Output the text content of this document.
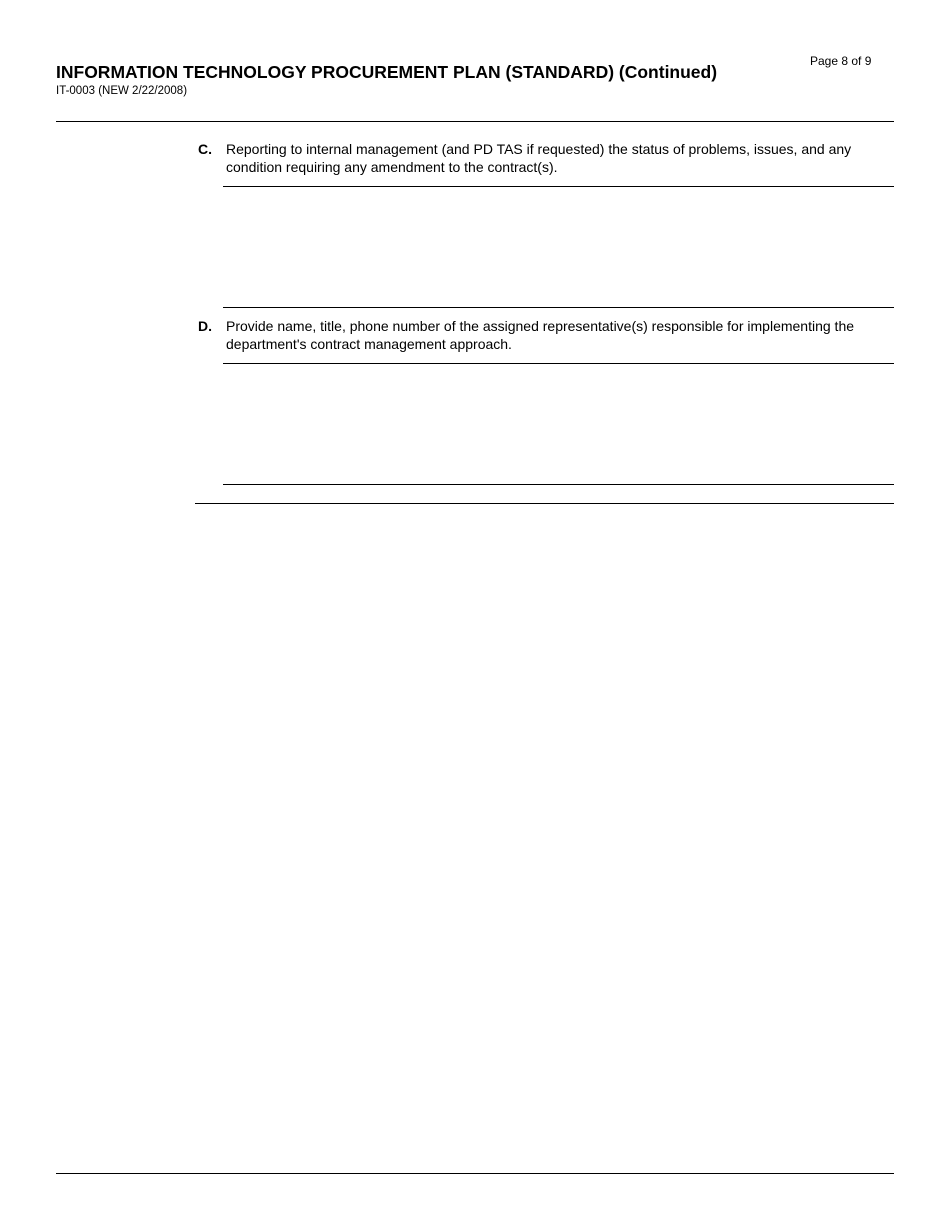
Page 8 of 9
INFORMATION TECHNOLOGY PROCUREMENT PLAN (STANDARD) (Continued)
IT-0003 (NEW 2/22/2008)
C. Reporting to internal management (and PD TAS if requested) the status of problems, issues, and any condition requiring any amendment to the contract(s).
D. Provide name, title, phone number of the assigned representative(s) responsible for implementing the department's contract management approach.
